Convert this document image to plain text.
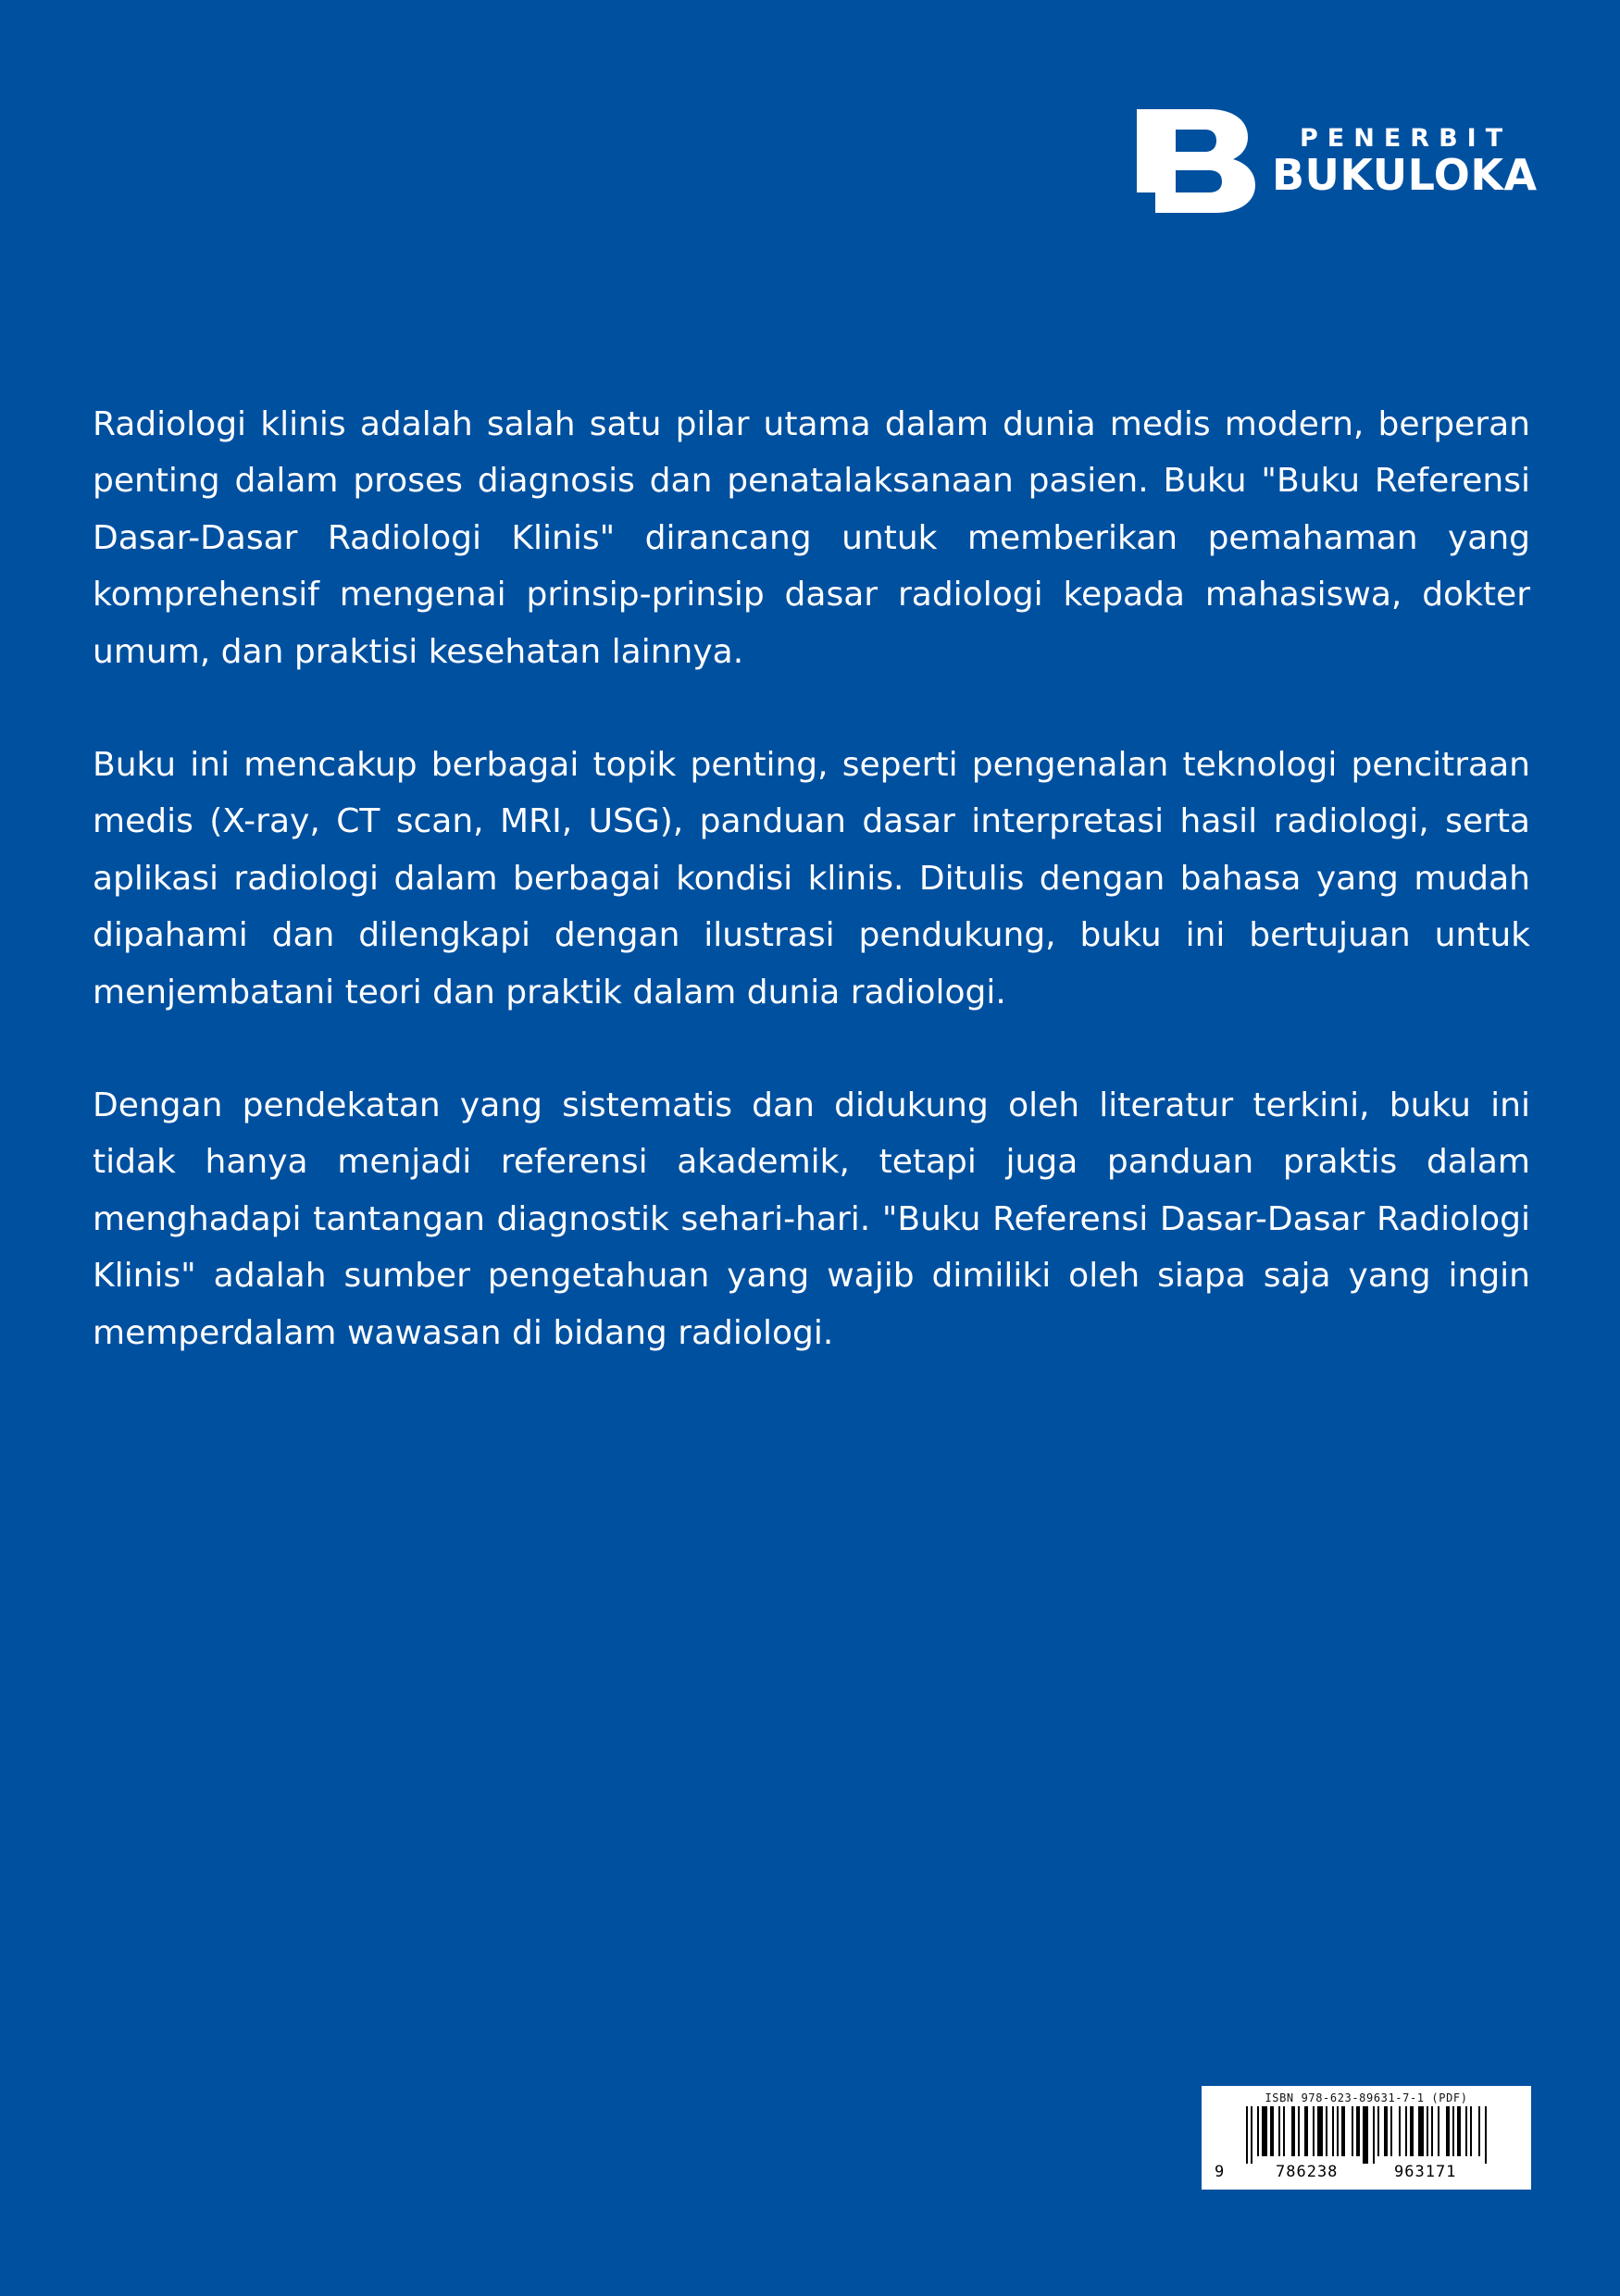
PENERBIT
BUKULOKA

Radiologi klinis adalah salah satu pilar utama dalam dunia medis modern, berperan penting dalam proses diagnosis dan penatalaksanaan pasien. Buku "Buku Referensi Dasar-Dasar Radiologi Klinis" dirancang untuk memberikan pemahaman yang komprehensif mengenai prinsip-prinsip dasar radiologi kepada mahasiswa, dokter umum, dan praktisi kesehatan lainnya.

Buku ini mencakup berbagai topik penting, seperti pengenalan teknologi pencitraan medis (X-ray, CT scan, MRI, USG), panduan dasar interpretasi hasil radiologi, serta aplikasi radiologi dalam berbagai kondisi klinis. Ditulis dengan bahasa yang mudah dipahami dan dilengkapi dengan ilustrasi pendukung, buku ini bertujuan untuk menjembatani teori dan praktik dalam dunia radiologi.

Dengan pendekatan yang sistematis dan didukung oleh literatur terkini, buku ini tidak hanya menjadi referensi akademik, tetapi juga panduan praktis dalam menghadapi tantangan diagnostik sehari-hari. "Buku Referensi Dasar-Dasar Radiologi Klinis" adalah sumber pengetahuan yang wajib dimiliki oleh siapa saja yang ingin memperdalam wawasan di bidang radiologi.

ISBN 978-623-89631-7-1 (PDF)
9	786238	963171
